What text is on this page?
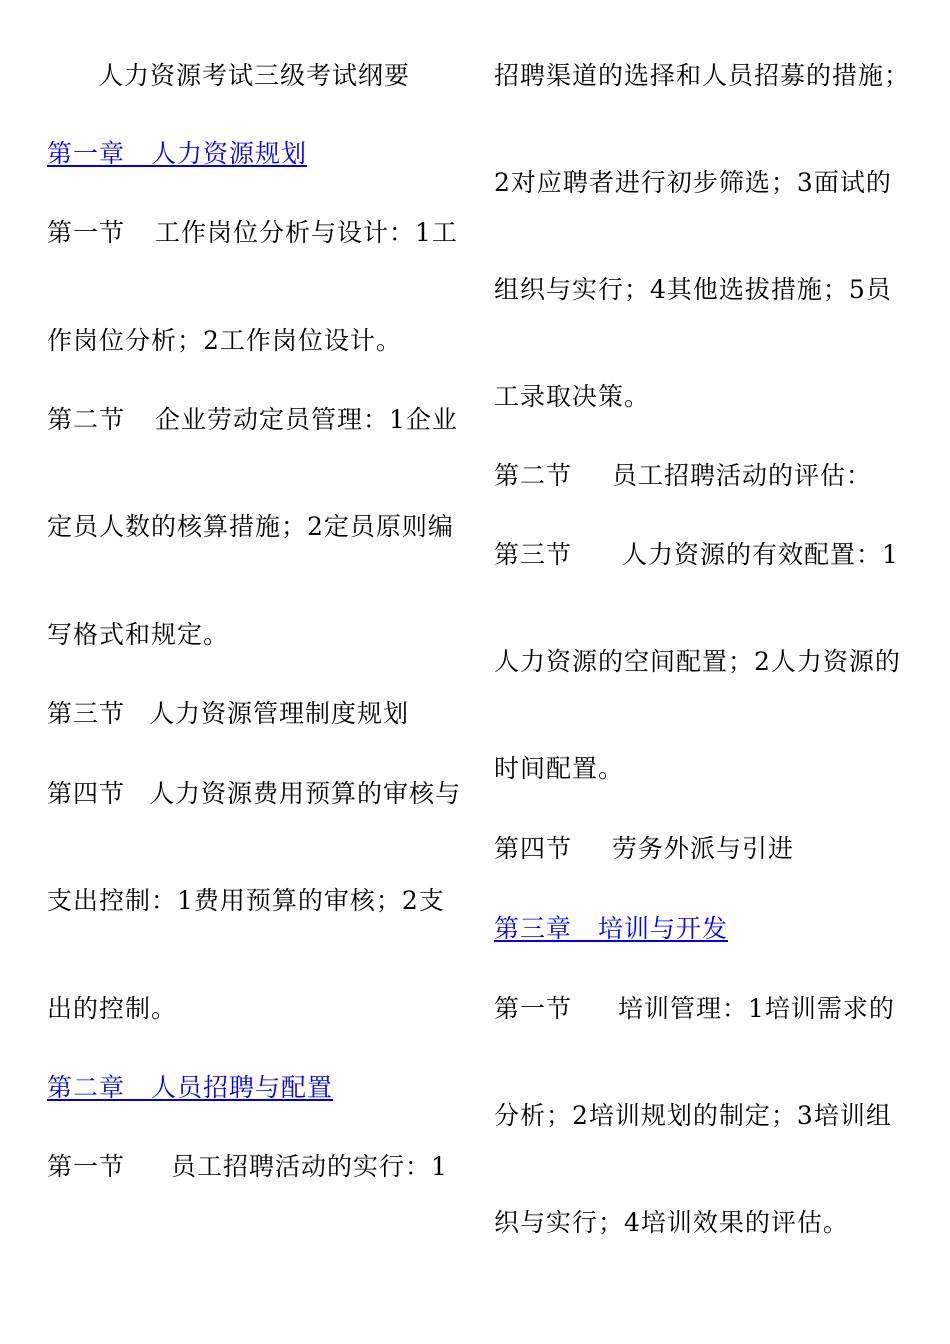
人力资源考试三级考试纲要
第一章　人力资源规划
第一节 工作岗位分析与设计：1工
作岗位分析；2工作岗位设计。
第二节 企业劳动定员管理：1企业
定员人数的核算措施；2定员原则编
写格式和规定。
第三节 人力资源管理制度规划
第四节 人力资源费用预算的审核与
支出控制：1费用预算的审核；2支
出的控制。
第二章　人员招聘与配置
第一节 员工招聘活动的实行：1
招聘渠道的选择和人员招募的措施；
2对应聘者进行初步筛选；3面试的
组织与实行；4其他选拔措施；5员
工录取决策。
第二节 员工招聘活动的评估：
第三节 人力资源的有效配置：1
人力资源的空间配置；2人力资源的
时间配置。
第四节 劳务外派与引进
第三章　培训与开发
第一节 培训管理：1培训需求的
分析；2培训规划的制定；3培训组
织与实行；4培训效果的评估。
